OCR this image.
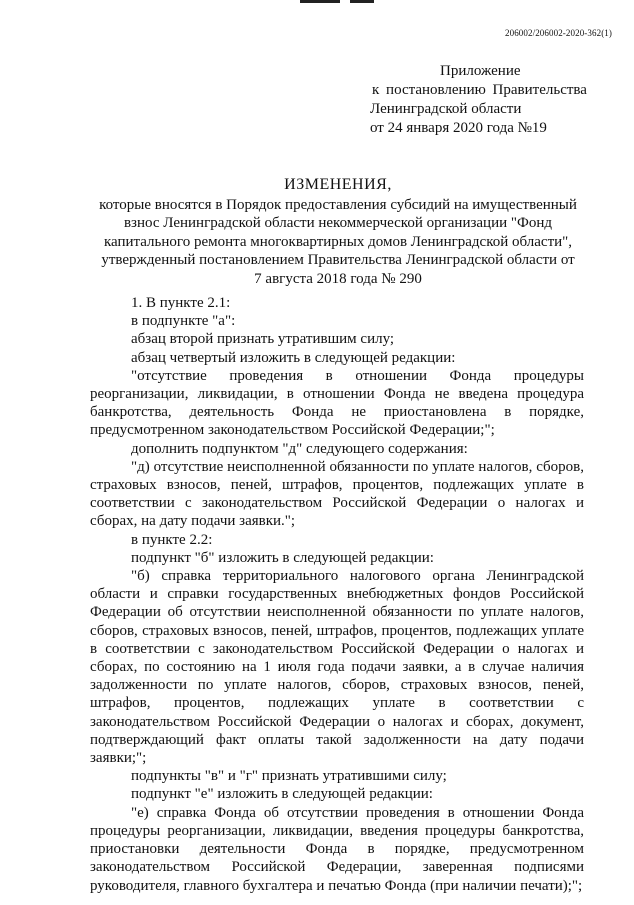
206002/206002-2020-362(1)
Приложение
к постановлению Правительства
Ленинградской области
от 24 января 2020 года №19
ИЗМЕНЕНИЯ,
которые вносятся в Порядок предоставления субсидий на имущественный взнос Ленинградской области некоммерческой организации "Фонд капитального ремонта многоквартирных домов Ленинградской области", утвержденный постановлением Правительства Ленинградской области от 7 августа 2018 года № 290

1. В пункте 2.1:

в подпункте "а":

абзац второй признать утратившим силу;

абзац четвертый изложить в следующей редакции:

"отсутствие проведения в отношении Фонда процедуры реорганизации, ликвидации, в отношении Фонда не введена процедура банкротства, деятельность Фонда не приостановлена в порядке, предусмотренном законодательством Российской Федерации;";

дополнить подпунктом "д" следующего содержания:

"д) отсутствие неисполненной обязанности по уплате налогов, сборов, страховых взносов, пеней, штрафов, процентов, подлежащих уплате в соответствии с законодательством Российской Федерации о налогах и сборах, на дату подачи заявки.";

в пункте 2.2:

подпункт "б" изложить в следующей редакции:

"б) справка территориального налогового органа Ленинградской области и справки государственных внебюджетных фондов Российской Федерации об отсутствии неисполненной обязанности по уплате налогов, сборов, страховых взносов, пеней, штрафов, процентов, подлежащих уплате в соответствии с законодательством Российской Федерации о налогах и сборах, по состоянию на 1 июля года подачи заявки, а в случае наличия задолженности по уплате налогов, сборов, страховых взносов, пеней, штрафов, процентов, подлежащих уплате в соответствии с законодательством Российской Федерации о налогах и сборах, документ, подтверждающий факт оплаты такой задолженности на дату подачи заявки;";

подпункты "в" и "г" признать утратившими силу;

подпункт "е" изложить в следующей редакции:

"е) справка Фонда об отсутствии проведения в отношении Фонда процедуры реорганизации, ликвидации, введения процедуры банкротства, приостановки деятельности Фонда в порядке, предусмотренном законодательством Российской Федерации, заверенная подписями руководителя, главного бухгалтера и печатью Фонда (при наличии печати);";
